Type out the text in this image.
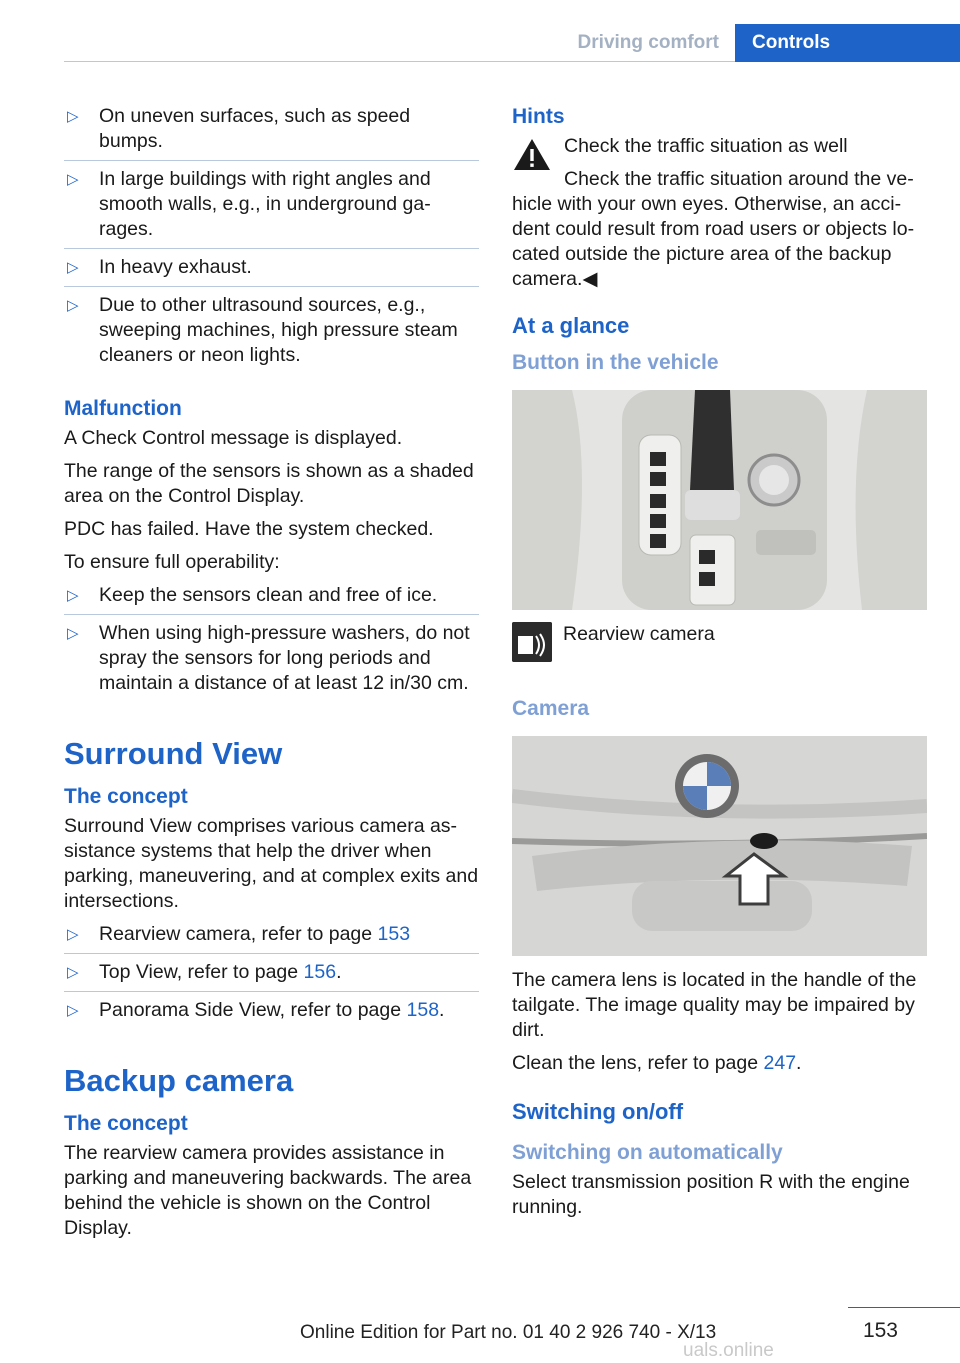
Driving comfort	Controls
▷ On uneven surfaces, such as speed bumps.
▷ In large buildings with right angles and smooth walls, e.g., in underground ga‐ rages.
▷ In heavy exhaust.
▷ Due to other ultrasound sources, e.g., sweeping machines, high pressure steam cleaners or neon lights.
Malfunction

A Check Control message is displayed.

The range of the sensors is shown as a shaded area on the Control Display.

PDC has failed. Have the system checked.

To ensure full operability:

▷ Keep the sensors clean and free of ice.
▷ When using high-pressure washers, do not spray the sensors for long periods and maintain a distance of at least 12 in/30 cm.
Surround View
The concept

Surround View comprises various camera as‐ sistance systems that help the driver when parking, maneuvering, and at complex exits and intersections.

▷ Rearview camera, refer to page 153
▷ Top View, refer to page 156.
▷ Panorama Side View, refer to page 158.
Backup camera
The concept

The rearview camera provides assistance in parking and maneuvering backwards. The area behind the vehicle is shown on the Control Display.

Hints

Check the traffic situation as well

Check the traffic situation around the ve‐ hicle with your own eyes. Otherwise, an acci‐ dent could result from road users or objects lo‐ cated outside the picture area of the backup camera.◀

At a glance
Button in the vehicle
Rearview camera
Camera

The camera lens is located in the handle of the tailgate. The image quality may be impaired by dirt.

Clean the lens, refer to page 247.

Switching on/off
Switching on automatically

Select transmission position R with the engine running.

153
Online Edition for Part no. 01 40 2 926 740 - X/13
uals.online
